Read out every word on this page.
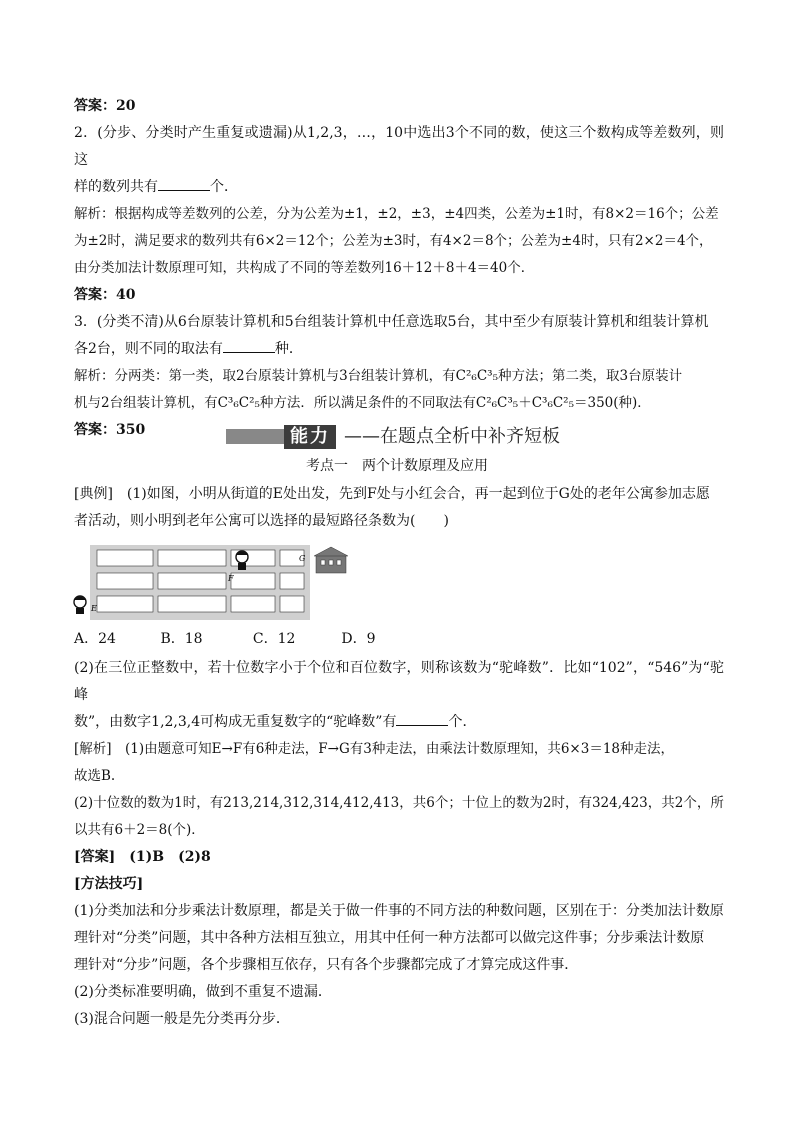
答案：20

2．(分步、分类时产生重复或遗漏)从1,2,3，…，10中选出3个不同的数，使这三个数构成等差数列，则这

样的数列共有	个．

解析：根据构成等差数列的公差，分为公差为±1，±2，±3，±4四类，公差为±1时，有8×2＝16个；公差

为±2时，满足要求的数列共有6×2＝12个；公差为±3时，有4×2＝8个；公差为±4时，只有2×2＝4个，

由分类加法计数原理可知，共构成了不同的等差数列16＋12＋8＋4＝40个．

答案：40

3．(分类不清)从6台原装计算机和5台组装计算机中任意选取5台，其中至少有原装计算机和组装计算机

各2台，则不同的取法有	种．

解析：分两类：第一类，取2台原装计算机与3台组装计算机，有C²₆C³₅种方法；第二类，取3台原装计

机与2台组装计算机，有C³₆C²₅种方法．所以满足条件的不同取法有C²₆C³₅＋C³₆C²₅＝350(种)．

答案：350	能力 ——在题点全析中补齐短板
考点一　两个计数原理及应用

[典例]　(1)如图，小明从街道的E处出发，先到F处与小红会合，再一起到位于G处的老年公寓参加志愿

者活动，则小明到老年公寓可以选择的最短路径条数为(　　)

E
F
G
A．24	B．18	C．12	D．9

(2)在三位正整数中，若十位数字小于个位和百位数字，则称该数为“驼峰数”．比如“102”，“546”为“驼峰

数”，由数字1,2,3,4可构成无重复数字的“驼峰数”有	个．

[解析]　(1)由题意可知E→F有6种走法，F→G有3种走法，由乘法计数原理知，共6×3＝18种走法，

故选B.

(2)十位数的数为1时，有213,214,312,314,412,413，共6个；十位上的数为2时，有324,423，共2个，所

以共有6＋2＝8(个)．

[答案]　(1)B　(2)8

[方法技巧]

(1)分类加法和分步乘法计数原理，都是关于做一件事的不同方法的种数问题，区别在于：分类加法计数原

理针对“分类”问题，其中各种方法相互独立，用其中任何一种方法都可以做完这件事；分步乘法计数原

理针对“分步”问题，各个步骤相互依存，只有各个步骤都完成了才算完成这件事．

(2)分类标准要明确，做到不重复不遗漏．

(3)混合问题一般是先分类再分步．
